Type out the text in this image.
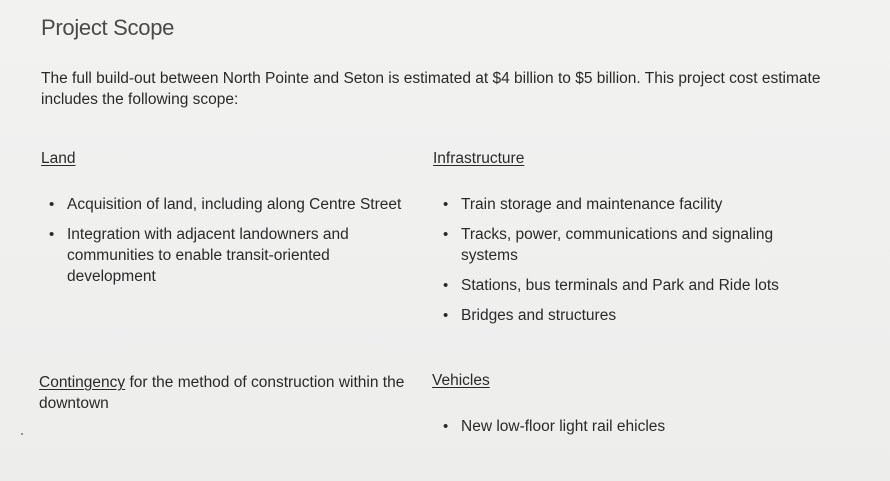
Project Scope
The full build-out between North Pointe and Seton is estimated at $4 billion to $5 billion. This project cost estimate includes the following scope:
Land
• Acquisition of land, including along Centre Street
• Integration with adjacent landowners and communities to enable transit-oriented development
Infrastructure
• Train storage and maintenance facility
• Tracks, power, communications and signaling systems
• Stations, bus terminals and Park and Ride lots
• Bridges and structures
Contingency for the method of construction within the downtown
Vehicles
• New low-floor light rail ehicles
